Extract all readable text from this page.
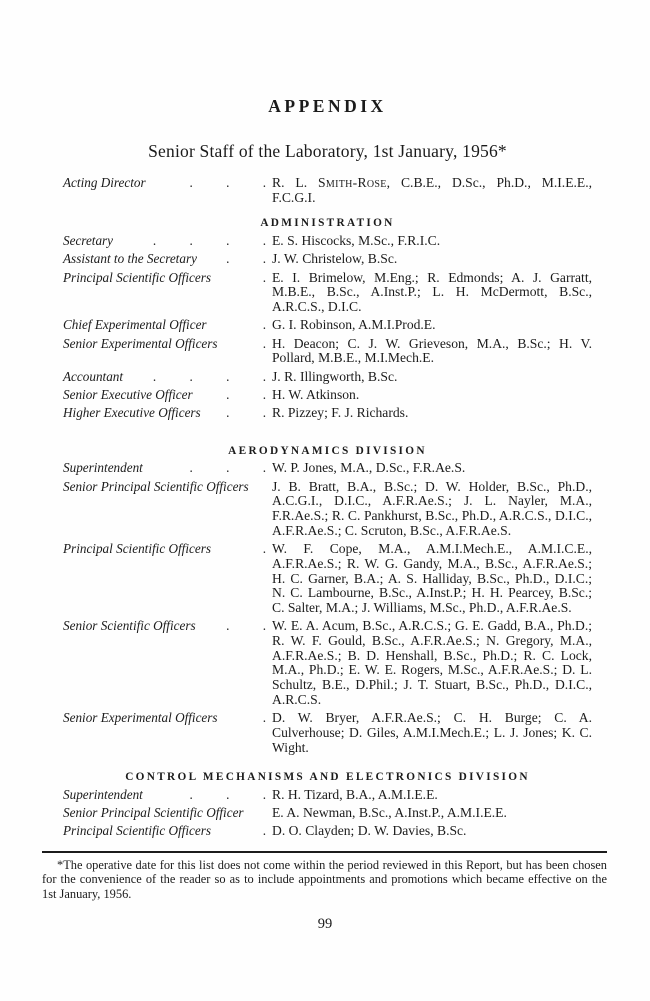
APPENDIX
Senior Staff of the Laboratory, 1st January, 1956*
Acting Director	. . . R. L. Smith-Rose, C.B.E., D.Sc., Ph.D., M.I.E.E., F.C.G.I.
ADMINISTRATION
Secretary	. . . . E. S. Hiscocks, M.Sc., F.R.I.C.
Assistant to the Secretary	. . J. W. Christelow, B.Sc.
Principal Scientific Officers	. E. I. Brimelow, M.Eng.; R. Edmonds; A. J. Garratt, M.B.E., B.Sc., A.Inst.P.; L. H. McDermott, B.Sc., A.R.C.S., D.I.C.
Chief Experimental Officer	. G. I. Robinson, A.M.I.Prod.E.
Senior Experimental Officers	. H. Deacon; C. J. W. Grieveson, M.A., B.Sc.; H. V. Pollard, M.B.E., M.I.Mech.E.
Accountant	. . . . J. R. Illingworth, B.Sc.
Senior Executive Officer	. . H. W. Atkinson.
Higher Executive Officers	. . R. Pizzey; F. J. Richards.
AERODYNAMICS DIVISION
Superintendent	. . . W. P. Jones, M.A., D.Sc., F.R.Ae.S.
Senior Principal Scientific Officers J. B. Bratt, B.A., B.Sc.; D. W. Holder, B.Sc., Ph.D., A.C.G.I., D.I.C., A.F.R.Ae.S.; J. L. Nayler, M.A., F.R.Ae.S.; R. C. Pankhurst, B.Sc., Ph.D., A.R.C.S., D.I.C., A.F.R.Ae.S.; C. Scruton, B.Sc., A.F.R.Ae.S.
Principal Scientific Officers	. W. F. Cope, M.A., A.M.I.Mech.E., A.M.I.C.E., A.F.R.Ae.S.; R. W. G. Gandy, M.A., B.Sc., A.F.R.Ae.S.; H. C. Garner, B.A.; A. S. Halliday, B.Sc., Ph.D., D.I.C.; N. C. Lambourne, B.Sc., A.Inst.P.; H. H. Pearcey, B.Sc.; C. Salter, M.A.; J. Williams, M.Sc., Ph.D., A.F.R.Ae.S.
Senior Scientific Officers	. . W. E. A. Acum, B.Sc., A.R.C.S.; G. E. Gadd, B.A., Ph.D.; R. W. F. Gould, B.Sc., A.F.R.Ae.S.; N. Gregory, M.A., A.F.R.Ae.S.; B. D. Henshall, B.Sc., Ph.D.; R. C. Lock, M.A., Ph.D.; E. W. E. Rogers, M.Sc., A.F.R.Ae.S.; D. L. Schultz, B.E., D.Phil.; J. T. Stuart, B.Sc., Ph.D., D.I.C., A.R.C.S.
Senior Experimental Officers	. D. W. Bryer, A.F.R.Ae.S.; C. H. Burge; C. A. Culverhouse; D. Giles, A.M.I.Mech.E.; L. J. Jones; K. C. Wight.
CONTROL MECHANISMS AND ELECTRONICS DIVISION
Superintendent	. . . R. H. Tizard, B.A., A.M.I.E.E.
Senior Principal Scientific Officer E. A. Newman, B.Sc., A.Inst.P., A.M.I.E.E.
Principal Scientific Officers	. D. O. Clayden; D. W. Davies, B.Sc.

*The operative date for this list does not come within the period reviewed in this Report, but has been chosen for the convenience of the reader so as to include appointments and promotions which became effective on the 1st January, 1956.

99
